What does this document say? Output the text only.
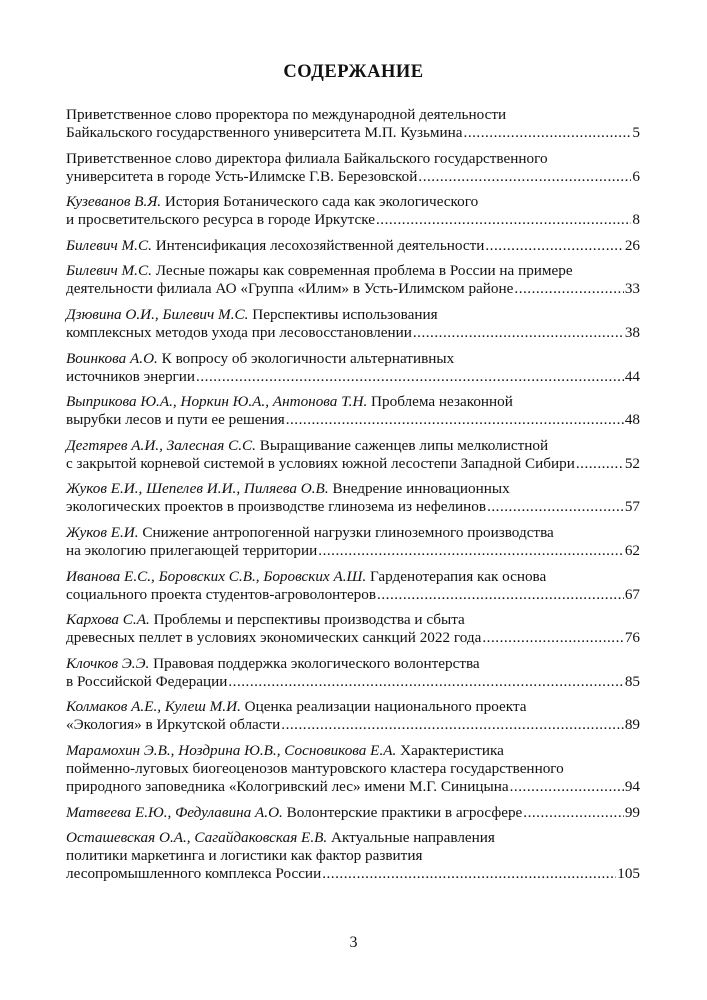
СОДЕРЖАНИЕ
Приветственное слово проректора по международной деятельности
Байкальского государственного университета М.П. Кузьмина .....	5
Приветственное слово директора филиала Байкальского государственного
университета в городе Усть-Илимске Г.В. Березовской .....	6
Кузеванов В.Я. История Ботанического сада как экологического
и просветительского ресурса в городе Иркутске .....	8
Билевич М.С. Интенсификация лесохозяйственной деятельности .....	26
Билевич М.С. Лесные пожары как современная проблема в России на примере
деятельности филиала АО «Группа «Илим» в Усть-Илимском районе .....	33
Дзювина О.И., Билевич М.С. Перспективы использования
комплексных методов ухода при лесовосстановлении .....	38
Воинкова А.О. К вопросу об экологичности альтернативных
источников энергии .....	44
Выприкова Ю.А., Норкин Ю.А., Антонова Т.Н. Проблема незаконной
вырубки лесов и пути ее решения .....	48
Дегтярев А.И., Залесная С.С. Выращивание саженцев липы мелколистной
с закрытой корневой системой в условиях южной лесостепи Западной Сибири .....	52
Жуков Е.И., Шепелев И.И., Пиляева О.В. Внедрение инновационных
экологических проектов в производстве глинозема из нефелинов .....	57
Жуков Е.И. Снижение антропогенной нагрузки глиноземного производства
на экологию прилегающей территории .....	62
Иванова Е.С., Боровских С.В., Боровских А.Ш. Гарденотерапия как основа
социального проекта студентов-агроволонтеров .....	67
Кархова С.А. Проблемы и перспективы производства и сбыта
древесных пеллет в условиях экономических санкций 2022 года .....	76
Клочков Э.Э. Правовая поддержка экологического волонтерства
в Российской Федерации .....	85
Колмаков А.Е., Кулеш М.И. Оценка реализации национального проекта
«Экология» в Иркутской области .....	89
Марамохин Э.В., Ноздрина Ю.В., Сосновикова Е.А. Характеристика
пойменно-луговых биогеоценозов мантуровского кластера государственного
природного заповедника «Кологривский лес» имени М.Г. Синицына .....	94
Матвеева Е.Ю., Федулавина А.О. Волонтерские практики в агросфере .....	99
Осташевская О.А., Сагайдаковская Е.В. Актуальные направления
политики маркетинга и логистики как фактор развития
лесопромышленного комплекса России .....	105
3
